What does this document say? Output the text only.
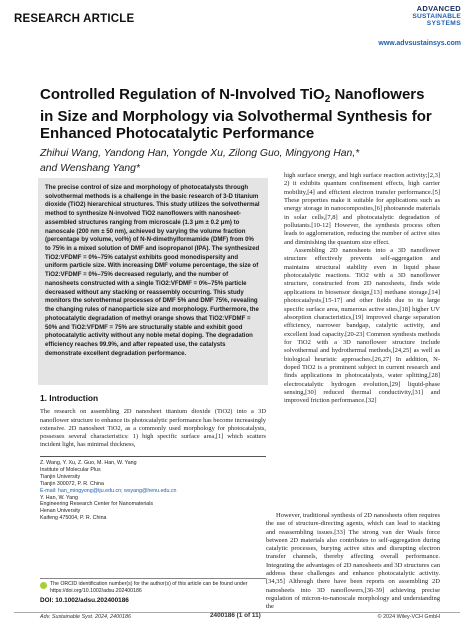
RESEARCH ARTICLE
ADVANCED
SUSTAINABLE
SYSTEMS
www.advsustainsys.com
Controlled Regulation of N-Involved TiO$_2$ Nanoflowers in Size and Morphology via Solvothermal Synthesis for Enhanced Photocatalytic Performance
Zhihui Wang, Yandong Han, Yongde Xu, Zilong Guo, Mingyong Han,*
and Wenshang Yang*

The precise control of size and morphology of photocatalysts through solvothermal methods is a challenge in the basic research of 3-D titanium dioxide (TiO2) hierarchical structures. This study utilizes the solvothermal method to synthesize N-involved TiO2 nanoflowers with nanosheet-assembled structures ranging from microscale (1.3 μm ± 0.2 μm) to nanoscale (200 nm ± 50 nm), achieved by varying the volume fraction (percentage by volume, vol%) of N-N-dimethylformamide (DMF) from 0% to 75% in a mixed solution of DMF and isopropanol (IPA). The synthesized TiO2:VFDMF = 0%–75% catalyst exhibits good monodispersity and uniform particle size. With increasing DMF volume percentage, the size of TiO2:VFDMF = 0%–75% decreased regularly, and the number of nanosheets constructed with a single TiO2:VFDMF = 0%–75% particle decreased without any stacking or reassembly occurring. This study monitors the solvothermal processes of DMF 5% and DMF 75%, revealing the changing rules of nanoparticle size and morphology. Furthermore, the photocatalytic degradation of methyl orange shows that TiO2:VFDMF = 50% and TiO2:VFDMF = 75% are structurally stable and exhibit good photocatalytic activity without any noble metal doping. The degradation efficiency reaches 99.9%, and after repeated use, the catalysts demonstrate excellent degradation performance.

1. Introduction

The research on assembling 2D nanosheet titanium dioxide (TiO2) into a 3D nanoflower structure to enhance its photocatalytic performance has become increasingly extensive. 2D nanosheet TiO2, as a commonly used morphology for photocatalysts, possesses several characteristics: 1) high specific surface area,[1] which scatters incident light, has minimal thickness,

Z. Wang, Y. Xu, Z. Guo, M. Han, W. Yang
Institute of Molecular Plus
Tianjin University
Tianjin 300072, P. R. China
E-mail: han_mingyong@tju.edu.cn; wsyang@henu.edu.cn
Y. Han, W. Yang
Engineering Research Center for Nanomaterials
Henan University
Kaifeng 475004, P. R. China
The ORCID identification number(s) for the author(s) of this article can be found under https://doi.org/10.1002/adsu.202400186
DOI: 10.1002/adsu.202400186

high surface energy, and high surface reaction activity;[2,3] 2) it exhibits quantum confinement effects, high carrier mobility,[4] and efficient electron transfer performance.[5] These properties make it suitable for applications such as energy storage in nanocomposites,[6] photoanode materials in solar cells,[7,8] and photocatalytic degradation of pollutants.[10-12] However, the synthesis process often leads to agglomeration, reducing the number of active sites and diminishing the quantum size effect.

Assembling 2D nanosheets into a 3D nanoflower structure effectively prevents self-aggregation and maintains structural stability even in liquid phase photocatalytic reactions. TiO2 with a 3D nanoflower structure, constructed from 2D nanosheets, finds wide applications in biosensor design,[13] methane storage,[14] photocatalysis,[15-17] and other fields due to its large specific surface area, numerous active sites,[18] higher UV absorption characteristics,[19] improved charge separation efficiency, narrower bandgap, catalytic activity, and excellent load capacity.[20-23] Common synthesis methods for TiO2 with a 3D nanoflower structure include solvothermal and hydrothermal methods,[24,25] as well as biological heuristic approaches.[26,27] In addition, N-doped TiO2 is a prominent subject in current research and finds applications in photocatalysts, water splitting,[28] electrocatalytic hydrogen evolution,[29] liquid-phase sensing,[30] reduced thermal conductivity,[31] and improved friction performance.[32]

However, traditional synthesis of 2D nanosheets often requires the use of structure-directing agents, which can lead to stacking and reassembling issues.[33] The strong van der Waals force between 2D materials also contributes to self-aggregation during catalytic processes, burying active sites and disrupting electron transfer channels, thereby affecting overall performance. Integrating the advantages of 2D nanosheets and 3D structures can address these challenges and enhance photocatalytic activity.[34,35] Although there have been reports on assembling 2D nanosheets into 3D nanoflowers,[36-39] achieving precise regulation of micron-to-nanoscale morphology and understanding the

Adv. Sustainable Syst. 2024, 2400186	2400186 (1 of 11)	© 2024 Wiley-VCH GmbH
